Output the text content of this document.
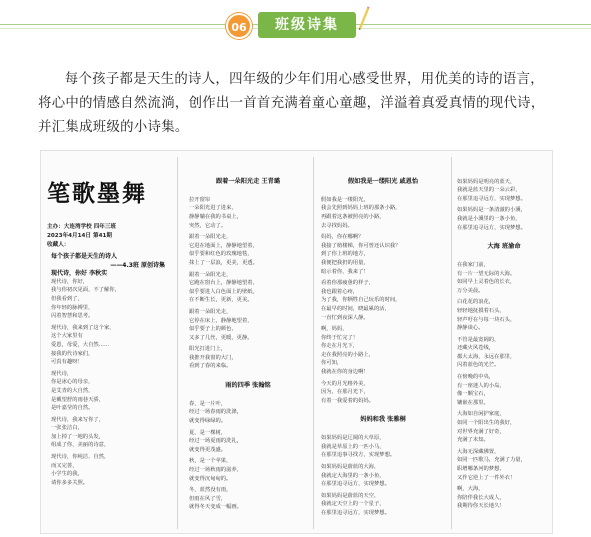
06	班级诗集

每个孩子都是天生的诗人，四年级的少年们用心感受世界，用优美的诗的语言，将心中的情感自然流淌，创作出一首首充满着童心童趣，洋溢着真爱真情的现代诗，并汇集成班级的小诗集。

笔歌墨舞
主办：大连湾学校 四年三班
2023年4月14日 第41期
收藏人：
每个孩子都是天生的诗人
——4.3班 原创诗集
现代诗，你好 李秋实
现代诗，你好，
我与你初次见面，不了解你，
但我看到了，
你年轻的脉搏里，
闪着智慧和思考。
现代诗，我来到了这个家，
这个大家里有
爱恩，母爱，大自然……
接我的代诗家们，
可真有趣呀！
现代诗，
你是冰心的母亲，
是艾青的大自然，
是戴望舒的雨巷天骄，
是叶嘉莹的自然。
现代诗，我来写你了，
一张张洁白，
加上掉了一地的头发，
组成了你，美丽的诗意，
现代诗，你纯洁、自然，
而又完善，
小学生的我，
请你多多关照。

跟着一朵阳光走 王青璐

拉开窗帘
一朵阳光进了进来，
静静躺在我的书桌上，
突然，它动了。
跟着一朵阳光走，
它进在地面上，静静地望着，
似乎要和红色的玫瑰地毯，
抹上了一层浪，更美，更透。
跟着一朵阳光走，
它跑在窗台上，静静地望着，
似乎要进人白色面上的壁纸，
在不断生长，更新，更美。
跟着一朵阳光走，
它停在床上，静静地望着，
似乎要子上的颜色，
又多了几丝，更暖，更静。
阳光打进门上，
我推开我窗的大门，
看到了春的来临。

雨的四季 张翰铭

春，是一片叶，
经过一场春雨的洗涤，
就变得绿绿的。
夏，是一棵树，
经过一场夏雨的洗礼，
就变得更茂盛。
秋，是一个苹果，
经过一场秋雨的滋养，
就变得沉甸甸的。
冬，蓝然没有雨，
但雨在风了雪，
就得冬天变成一幅画。

假如我是一缕阳光 戚恩怡

假如我是一缕阳光，
我会先照到妈妈上班的那条小路，
再跟着这条被照亮的小路，
去寻找妈妈。
妈妈，你在哪啊？
我接了植楼梯，你可曾还认识我？
到了你上班的地方，
我便把我扔的用量，
暗示着你，我来了！
看着你那疲惫的样子，
我也跟着心疼，
为了我，你牺牲自己玩乐的时间，
在最早的时间，晓最累的活，
一直忙到夜深人静。
啊，妈妈，
你终于忙完了！
你走在月光下，
走在我照亮的小路上，
你可知，
我就在你的身边啊！
今天的月光格外美，
因为，在那月光下，
有着一我爱着的妈妈。

妈妈和我 张雅桐

如果妈妈是辽阔的大草原，
我就是草原上的一匹小马，
在那里追事寻找方，实现梦想。
如果妈妈是蔚蓝的大海，
我就定大海里的一条小鱼，
在那里追寻远方，实现梦想。
如果妈妈是蔚蓝的天空，
我就定天空上的一个星子，
在那里追寻远方，实现梦想。

如果妈妈是明亮的蓝天，
我就是蓝天里的一朵云彩，
在那里追寻远方，实现梦想。
如果妈妈是一条清澈的小溪，
我就是小溪里的一条小鱼，
在那里追寻远方，实现梦想。

大海 班渝命

在我家门前，
有一片一望无际的大海。
如同早上灵着色的长衣，
万分美晨。
白花花的浪花，
轻轻地抚摸着石头，
轻声吁在与每一块石头，
静静谈心。
不管是最宽阔的，
还藏火风苍线，
都大太海，永远在那里，
闪着蓝色的光芒。
在傍晚的中央，
有一座迷人的小岛，
像一颗宝石，
镶嵌在那里。
大海如自闲护家庭，
如同一个阳出生的我好，
对世界充满了好奇，
充满了未知。
大海无深藏佛置，
如同一匹歌马，充满了力量，
职增哪条河的梦想，
又作它逆上了一件外衣！
啊，大海，
你陪伴我长大成人，
我期待你天长地久！
